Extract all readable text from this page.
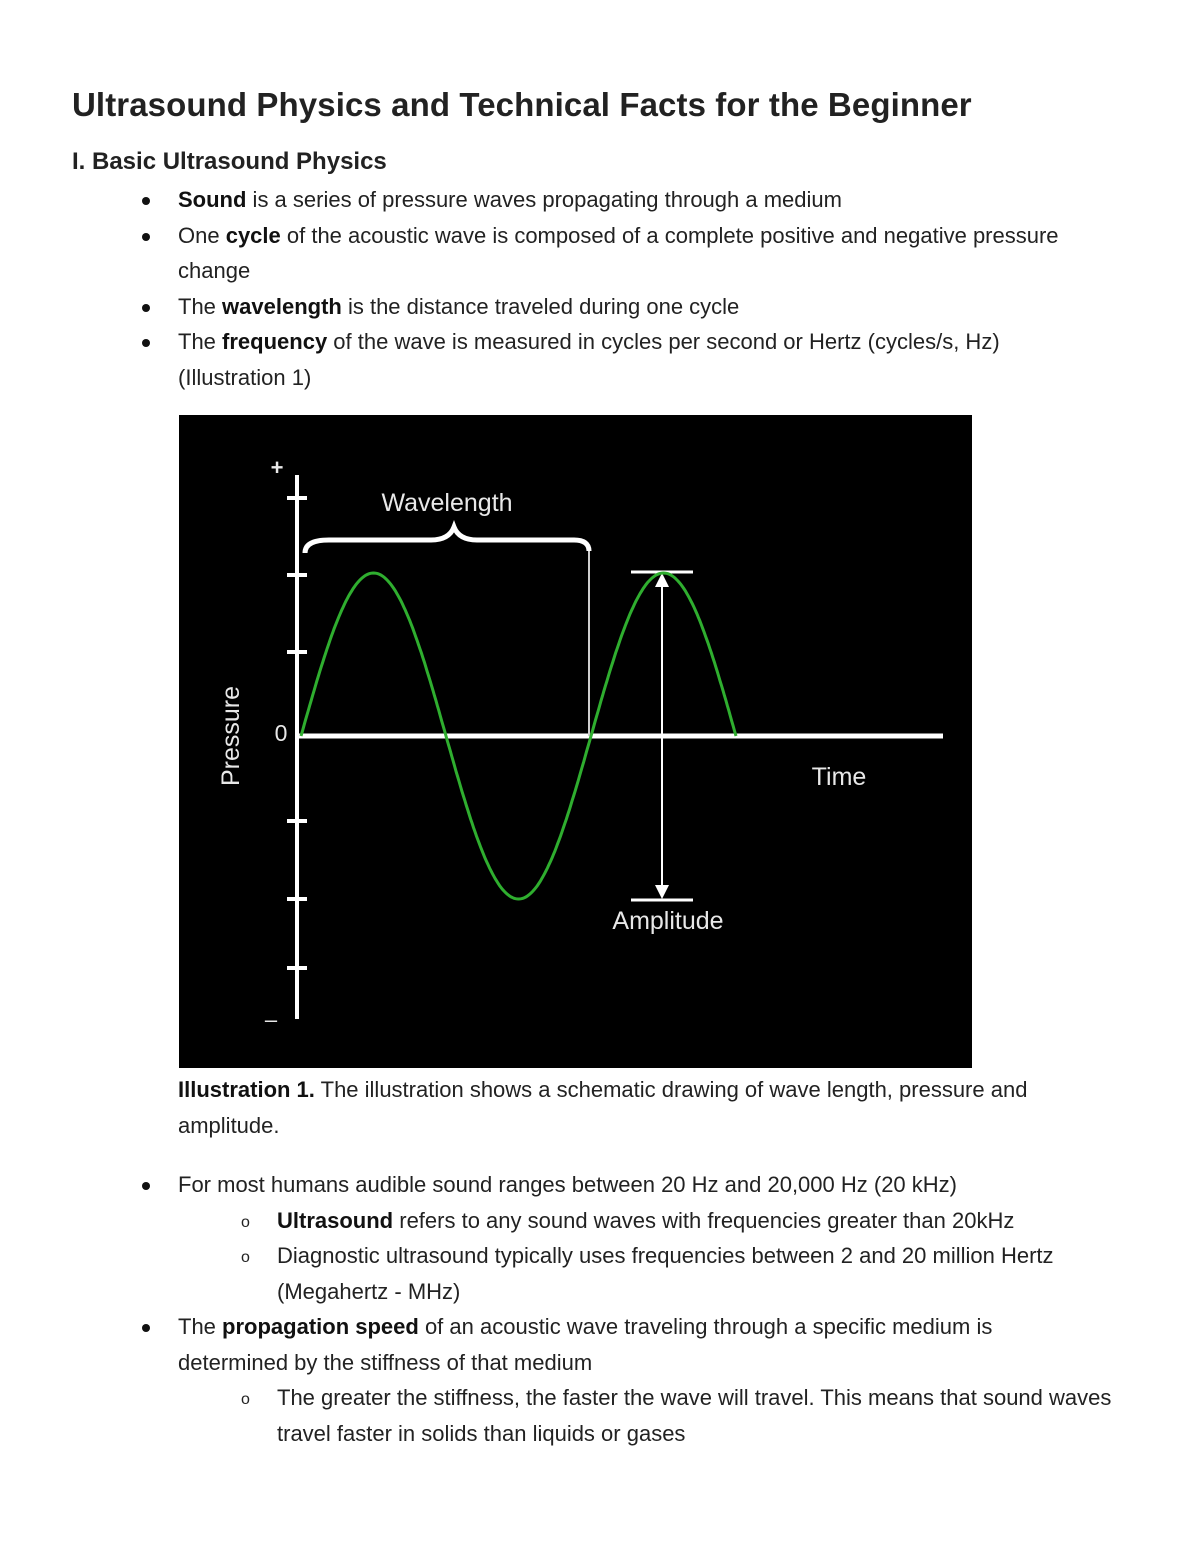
Ultrasound Physics and Technical Facts for the Beginner
I. Basic Ultrasound Physics
Sound is a series of pressure waves propagating through a medium
One cycle of the acoustic wave is composed of a complete positive and negative pressure change
The wavelength is the distance traveled during one cycle
The frequency of the wave is measured in cycles per second or Hertz (cycles/s, Hz) (Illustration 1)
Wavelength
Time
Amplitude
0
+
–
Pressure

Illustration 1. The illustration shows a schematic drawing of wave length, pressure and amplitude.

For most humans audible sound ranges between 20 Hz and 20,000 Hz (20 kHz)
o Ultrasound refers to any sound waves with frequencies greater than 20kHz
o Diagnostic ultrasound typically uses frequencies between 2 and 20 million Hertz (Megahertz - MHz)
The propagation speed of an acoustic wave traveling through a specific medium is determined by the stiffness of that medium
o The greater the stiffness, the faster the wave will travel. This means that sound waves travel faster in solids than liquids or gases
